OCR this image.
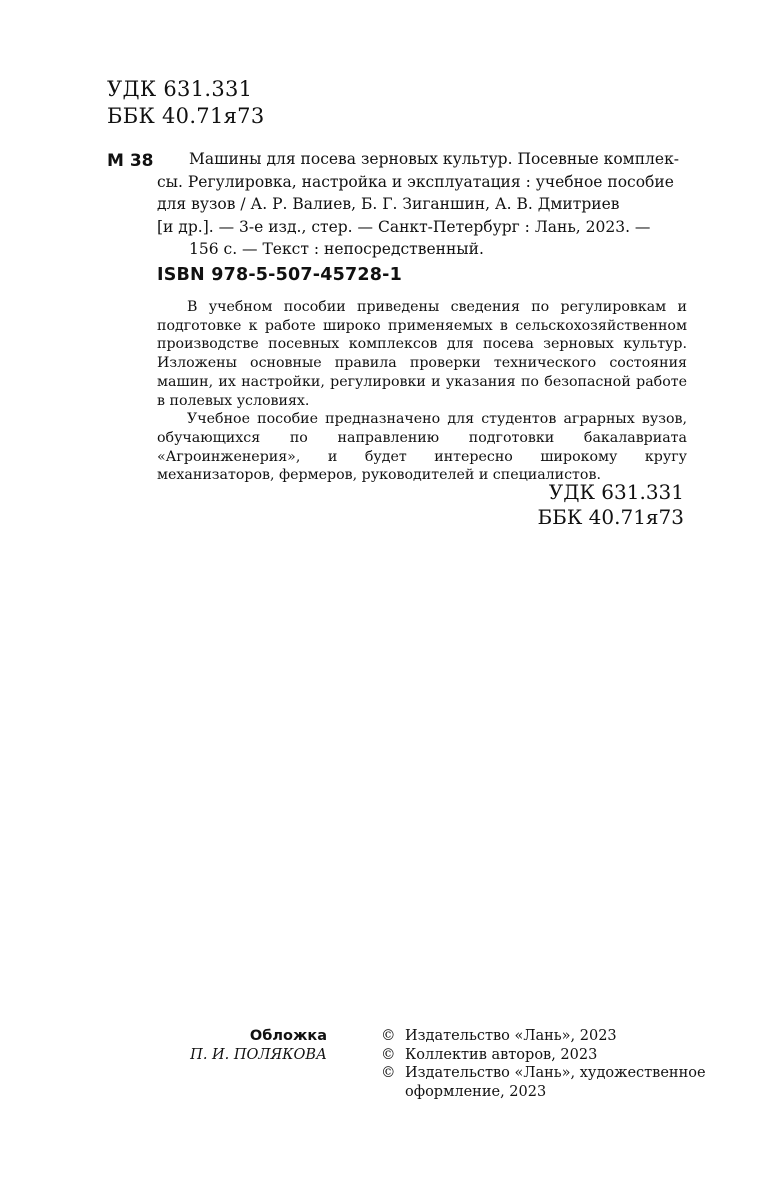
УДК 631.331
ББК 40.71я73
М 38	Машины для посева зерновых культур. Посевные комплек-
сы. Регулировка, настройка и эксплуатация : учебное пособие
для вузов / А. Р. Валиев, Б. Г. Зиганшин, А. В. Дмитриев
[и др.]. — 3-е изд., стер. — Санкт-Петербург : Лань, 2023. —
156 с. — Текст : непосредственный.
ISBN 978-5-507-45728-1

В учебном пособии приведены сведения по регулировкам и подготовке к работе широко применяемых в сельскохозяйственном производстве посевных комплексов для посева зерновых культур. Изложены основные правила проверки технического состояния машин, их настройки, регулировки и указания по безопасной работе в полевых условиях.

Учебное пособие предназначено для студентов аграрных вузов, обучающихся по направлению подготовки бакалавриата «Агроинженерия», и будет интересно широкому кругу механизаторов, фермеров, руководителей и специалистов.

УДК 631.331
ББК 40.71я73
Обложка
П. И. ПОЛЯКОВА
© Издательство «Лань», 2023
© Коллектив авторов, 2023
© Издательство «Лань», художественное оформление, 2023
